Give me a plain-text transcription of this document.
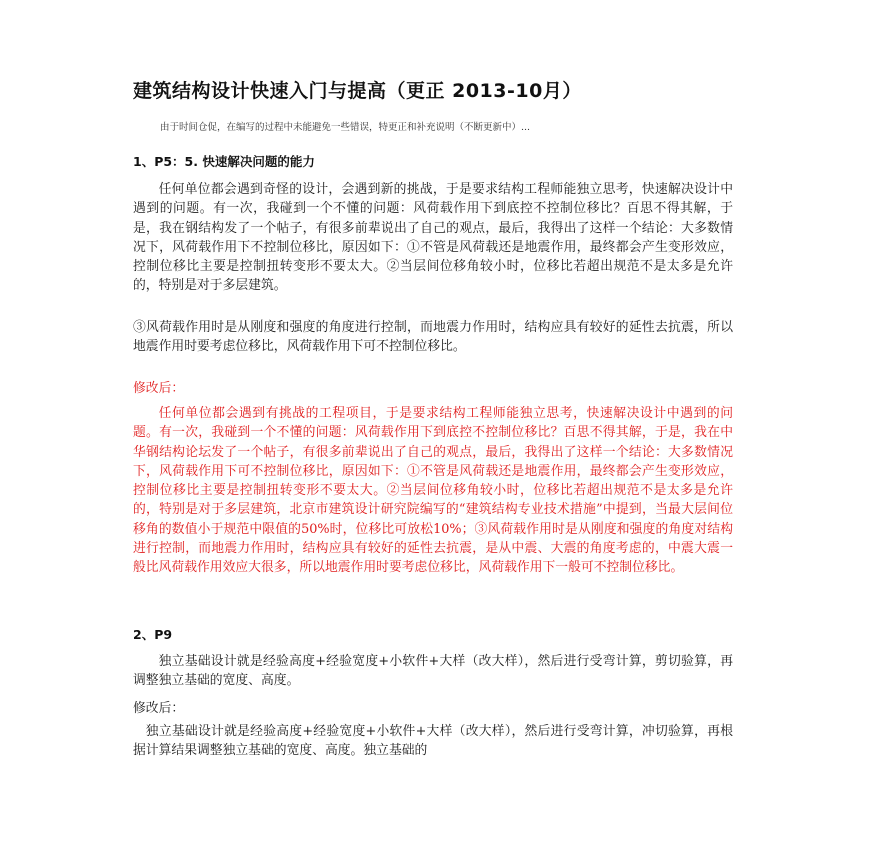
建筑结构设计快速入门与提高（更正 2013-10月）
由于时间仓促，在编写的过程中未能避免一些错误，特更正和补充说明（不断更新中）...
1、P5：5. 快速解决问题的能力

任何单位都会遇到奇怪的设计，会遇到新的挑战，于是要求结构工程师能独立思考，快速解决设计中遇到的问题。有一次，我碰到一个不懂的问题：风荷载作用下到底控不控制位移比？百思不得其解，于是，我在钢结构发了一个帖子，有很多前辈说出了自己的观点，最后，我得出了这样一个结论：大多数情况下，风荷载作用下不控制位移比，原因如下：①不管是风荷载还是地震作用，最终都会产生变形效应，控制位移比主要是控制扭转变形不要太大。②当层间位移角较小时，位移比若超出规范不是太多是允许的，特别是对于多层建筑。

③风荷载作用时是从刚度和强度的角度进行控制，而地震力作用时，结构应具有较好的延性去抗震，所以地震作用时要考虑位移比，风荷载作用下可不控制位移比。

修改后：

任何单位都会遇到有挑战的工程项目，于是要求结构工程师能独立思考，快速解决设计中遇到的问题。有一次，我碰到一个不懂的问题：风荷载作用下到底控不控制位移比？百思不得其解，于是，我在中华钢结构论坛发了一个帖子，有很多前辈说出了自己的观点，最后，我得出了这样一个结论：大多数情况下，风荷载作用下可不控制位移比，原因如下：①不管是风荷载还是地震作用，最终都会产生变形效应，控制位移比主要是控制扭转变形不要太大。②当层间位移角较小时，位移比若超出规范不是太多是允许的，特别是对于多层建筑，北京市建筑设计研究院编写的“建筑结构专业技术措施”中提到，当最大层间位移角的数值小于规范中限值的50%时，位移比可放松10%；③风荷载作用时是从刚度和强度的角度对结构进行控制，而地震力作用时，结构应具有较好的延性去抗震，是从中震、大震的角度考虑的，中震大震一般比风荷载作用效应大很多，所以地震作用时要考虑位移比，风荷载作用下一般可不控制位移比。

2、P9

独立基础设计就是经验高度+经验宽度+小软件+大样（改大样），然后进行受弯计算，剪切验算，再调整独立基础的宽度、高度。

修改后：

独立基础设计就是经验高度+经验宽度+小软件+大样（改大样），然后进行受弯计算，冲切验算，再根据计算结果调整独立基础的宽度、高度。独立基础的
